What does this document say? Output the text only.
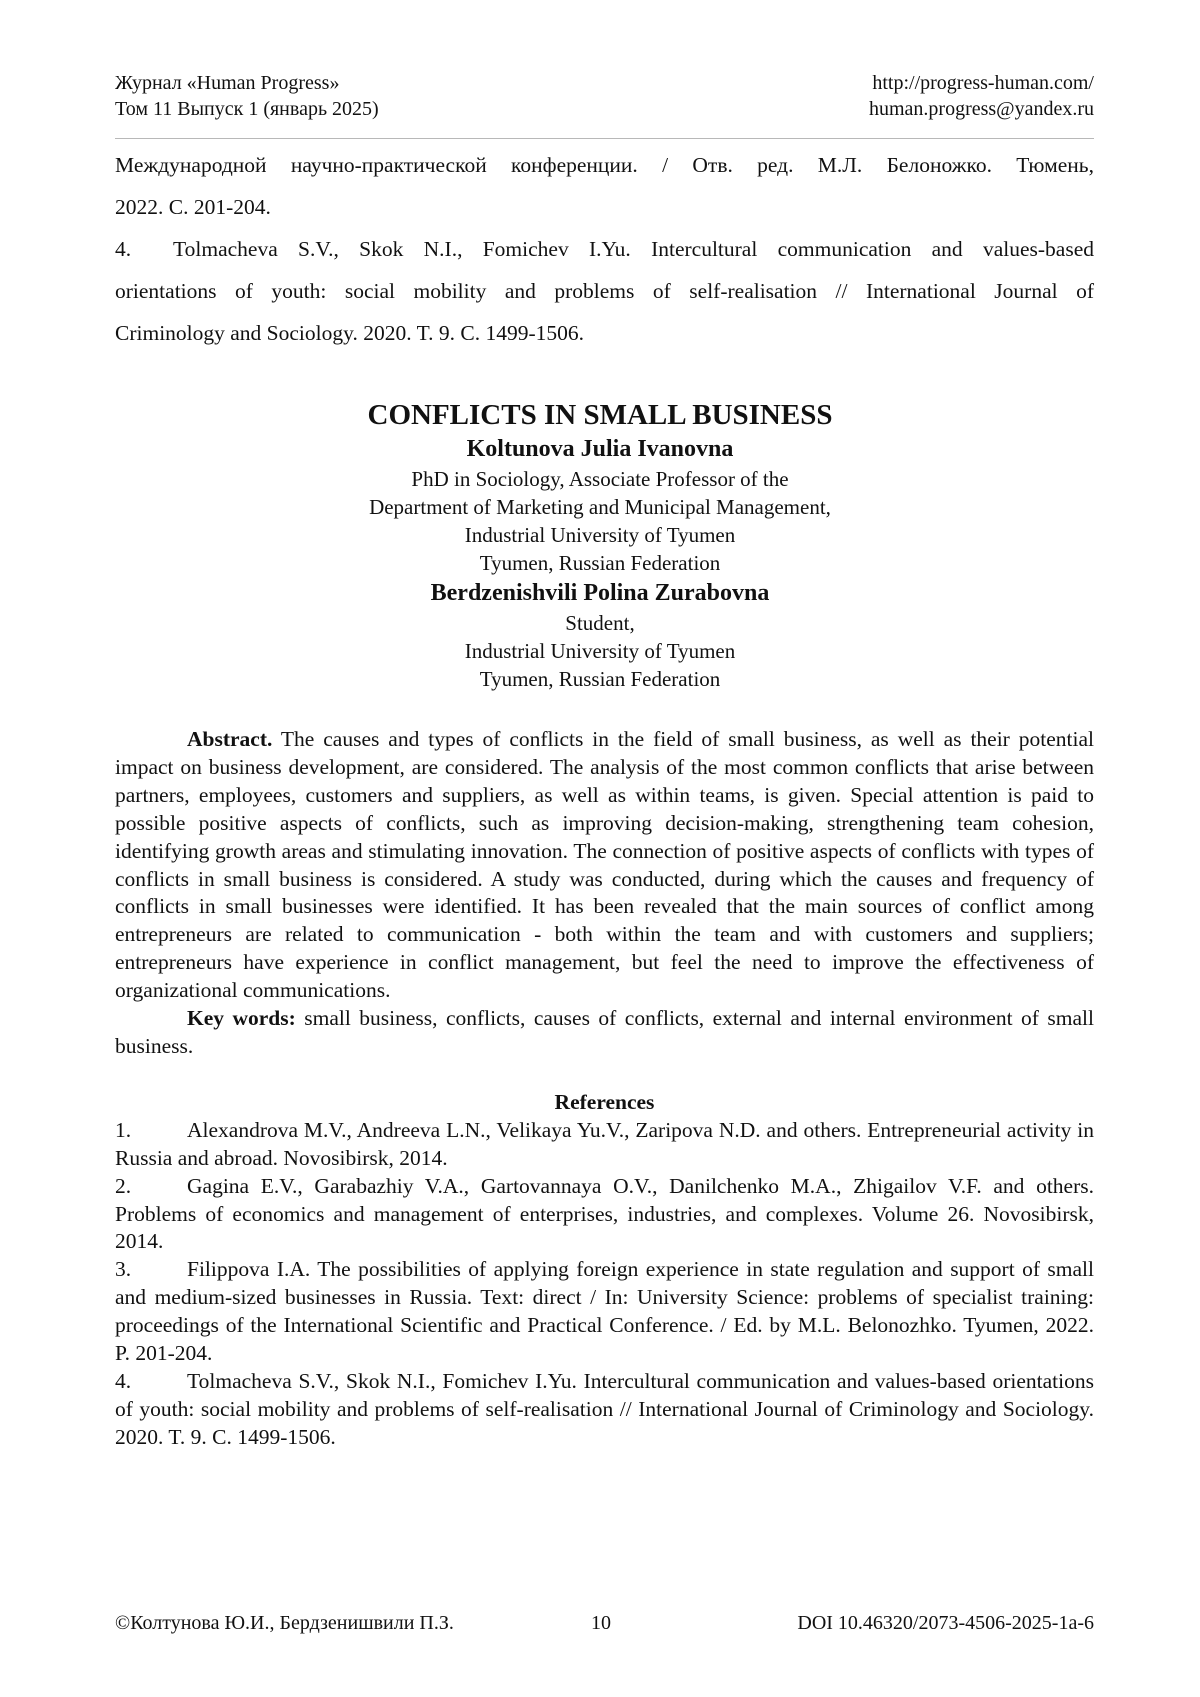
Журнал «Human Progress»
Том 11 Выпуск 1 (январь 2025)
http://progress-human.com/
human.progress@yandex.ru

Международной научно-практической конференции. / Отв. ред. М.Л. Белоножко. Тюмень,

2022. С. 201-204.

4. Tolmacheva S.V., Skok N.I., Fomichev I.Yu. Intercultural communication and values-based

orientations of youth: social mobility and problems of self-realisation // International Journal of

Criminology and Sociology. 2020. T. 9. C. 1499-1506.

CONFLICTS IN SMALL BUSINESS
Koltunova Julia Ivanovna
PhD in Sociology, Associate Professor of the
Department of Marketing and Municipal Management,
Industrial University of Tyumen
Tyumen, Russian Federation
Berdzenishvili Polina Zurabovna
Student,
Industrial University of Tyumen
Tyumen, Russian Federation

Abstract. The causes and types of conflicts in the field of small business, as well as their potential impact on business development, are considered. The analysis of the most common conflicts that arise between partners, employees, customers and suppliers, as well as within teams, is given. Special attention is paid to possible positive aspects of conflicts, such as improving decision-making, strengthening team cohesion, identifying growth areas and stimulating innovation. The connection of positive aspects of conflicts with types of conflicts in small business is considered. A study was conducted, during which the causes and frequency of conflicts in small businesses were identified. It has been revealed that the main sources of conflict among entrepreneurs are related to communication - both within the team and with customers and suppliers; entrepreneurs have experience in conflict management, but feel the need to improve the effectiveness of organizational communications.

Key words: small business, conflicts, causes of conflicts, external and internal environment of small business.

References

1.	Alexandrova M.V., Andreeva L.N., Velikaya Yu.V., Zaripova N.D. and others. Entrepreneurial activity in Russia and abroad. Novosibirsk, 2014.

2.	Gagina E.V., Garabazhiy V.A., Gartovannaya O.V., Danilchenko M.A., Zhigailov V.F. and others. Problems of economics and management of enterprises, industries, and complexes. Volume 26. Novosibirsk, 2014.

3.	Filippova I.A. The possibilities of applying foreign experience in state regulation and support of small and medium-sized businesses in Russia. Text: direct / In: University Science: problems of specialist training: proceedings of the International Scientific and Practical Conference. / Ed. by M.L. Belonozhko. Tyumen, 2022. P. 201-204.

4.	Tolmacheva S.V., Skok N.I., Fomichev I.Yu. Intercultural communication and values-based orientations of youth: social mobility and problems of self-realisation // International Journal of Criminology and Sociology. 2020. T. 9. C. 1499-1506.

©Колтунова Ю.И., Бердзенишвили П.З.	10	DOI 10.46320/2073-4506-2025-1a-6
